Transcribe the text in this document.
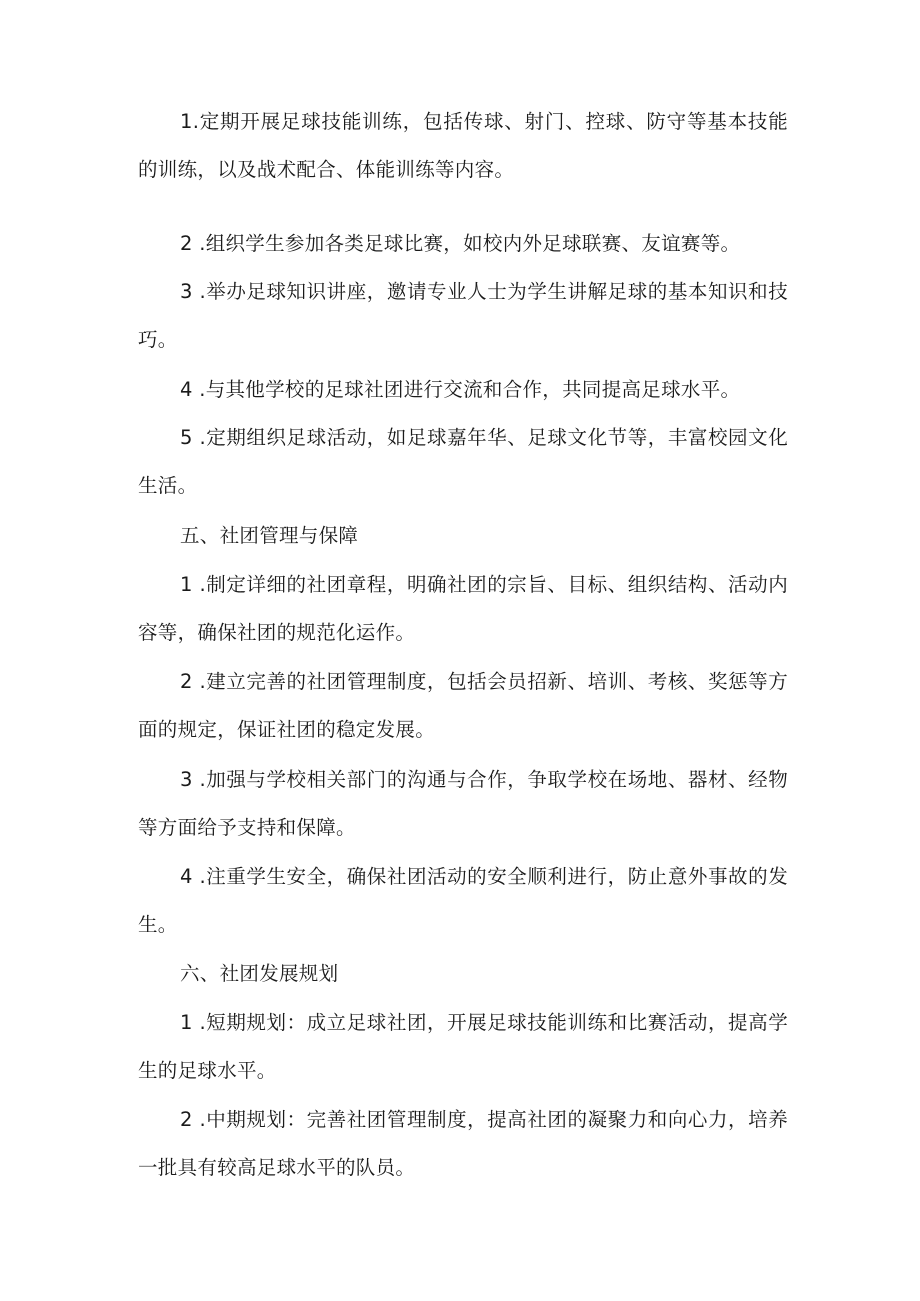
1.定期开展足球技能训练，包括传球、射门、控球、防守等基本技能的训练，以及战术配合、体能训练等内容。

2 .组织学生参加各类足球比赛，如校内外足球联赛、友谊赛等。

3 .举办足球知识讲座，邀请专业人士为学生讲解足球的基本知识和技巧。

4 .与其他学校的足球社团进行交流和合作，共同提高足球水平。

5 .定期组织足球活动，如足球嘉年华、足球文化节等，丰富校园文化生活。

五、社团管理与保障

1 .制定详细的社团章程，明确社团的宗旨、目标、组织结构、活动内容等，确保社团的规范化运作。

2 .建立完善的社团管理制度，包括会员招新、培训、考核、奖惩等方面的规定，保证社团的稳定发展。

3 .加强与学校相关部门的沟通与合作，争取学校在场地、器材、经物等方面给予支持和保障。

4 .注重学生安全，确保社团活动的安全顺利进行，防止意外事故的发生。

六、社团发展规划

1 .短期规划：成立足球社团，开展足球技能训练和比赛活动，提高学生的足球水平。

2 .中期规划：完善社团管理制度，提高社团的凝聚力和向心力，培养一批具有较高足球水平的队员。
